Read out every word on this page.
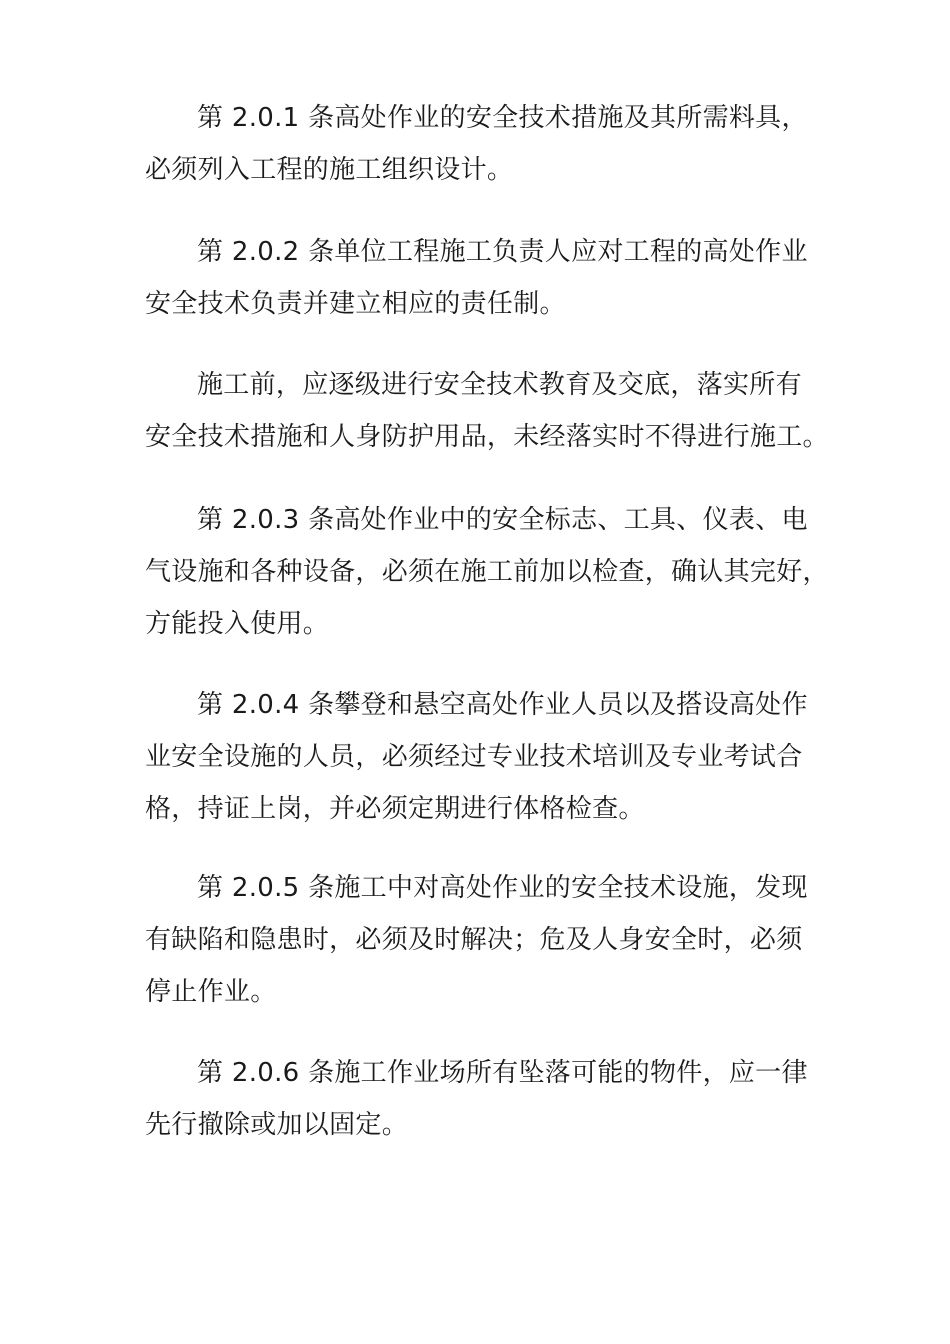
第 2.0.1 条高处作业的安全技术措施及其所需料具，
必须列入工程的施工组织设计。
第 2.0.2 条单位工程施工负责人应对工程的高处作业
安全技术负责并建立相应的责任制。
施工前，应逐级进行安全技术教育及交底，落实所有
安全技术措施和人身防护用品，未经落实时不得进行施工。
第 2.0.3 条高处作业中的安全标志、工具、仪表、电
气设施和各种设备，必须在施工前加以检查，确认其完好，
方能投入使用。
第 2.0.4 条攀登和悬空高处作业人员以及搭设高处作
业安全设施的人员，必须经过专业技术培训及专业考试合
格，持证上岗，并必须定期进行体格检查。
第 2.0.5 条施工中对高处作业的安全技术设施，发现
有缺陷和隐患时，必须及时解决；危及人身安全时，必须
停止作业。
第 2.0.6 条施工作业场所有坠落可能的物件，应一律
先行撤除或加以固定。
